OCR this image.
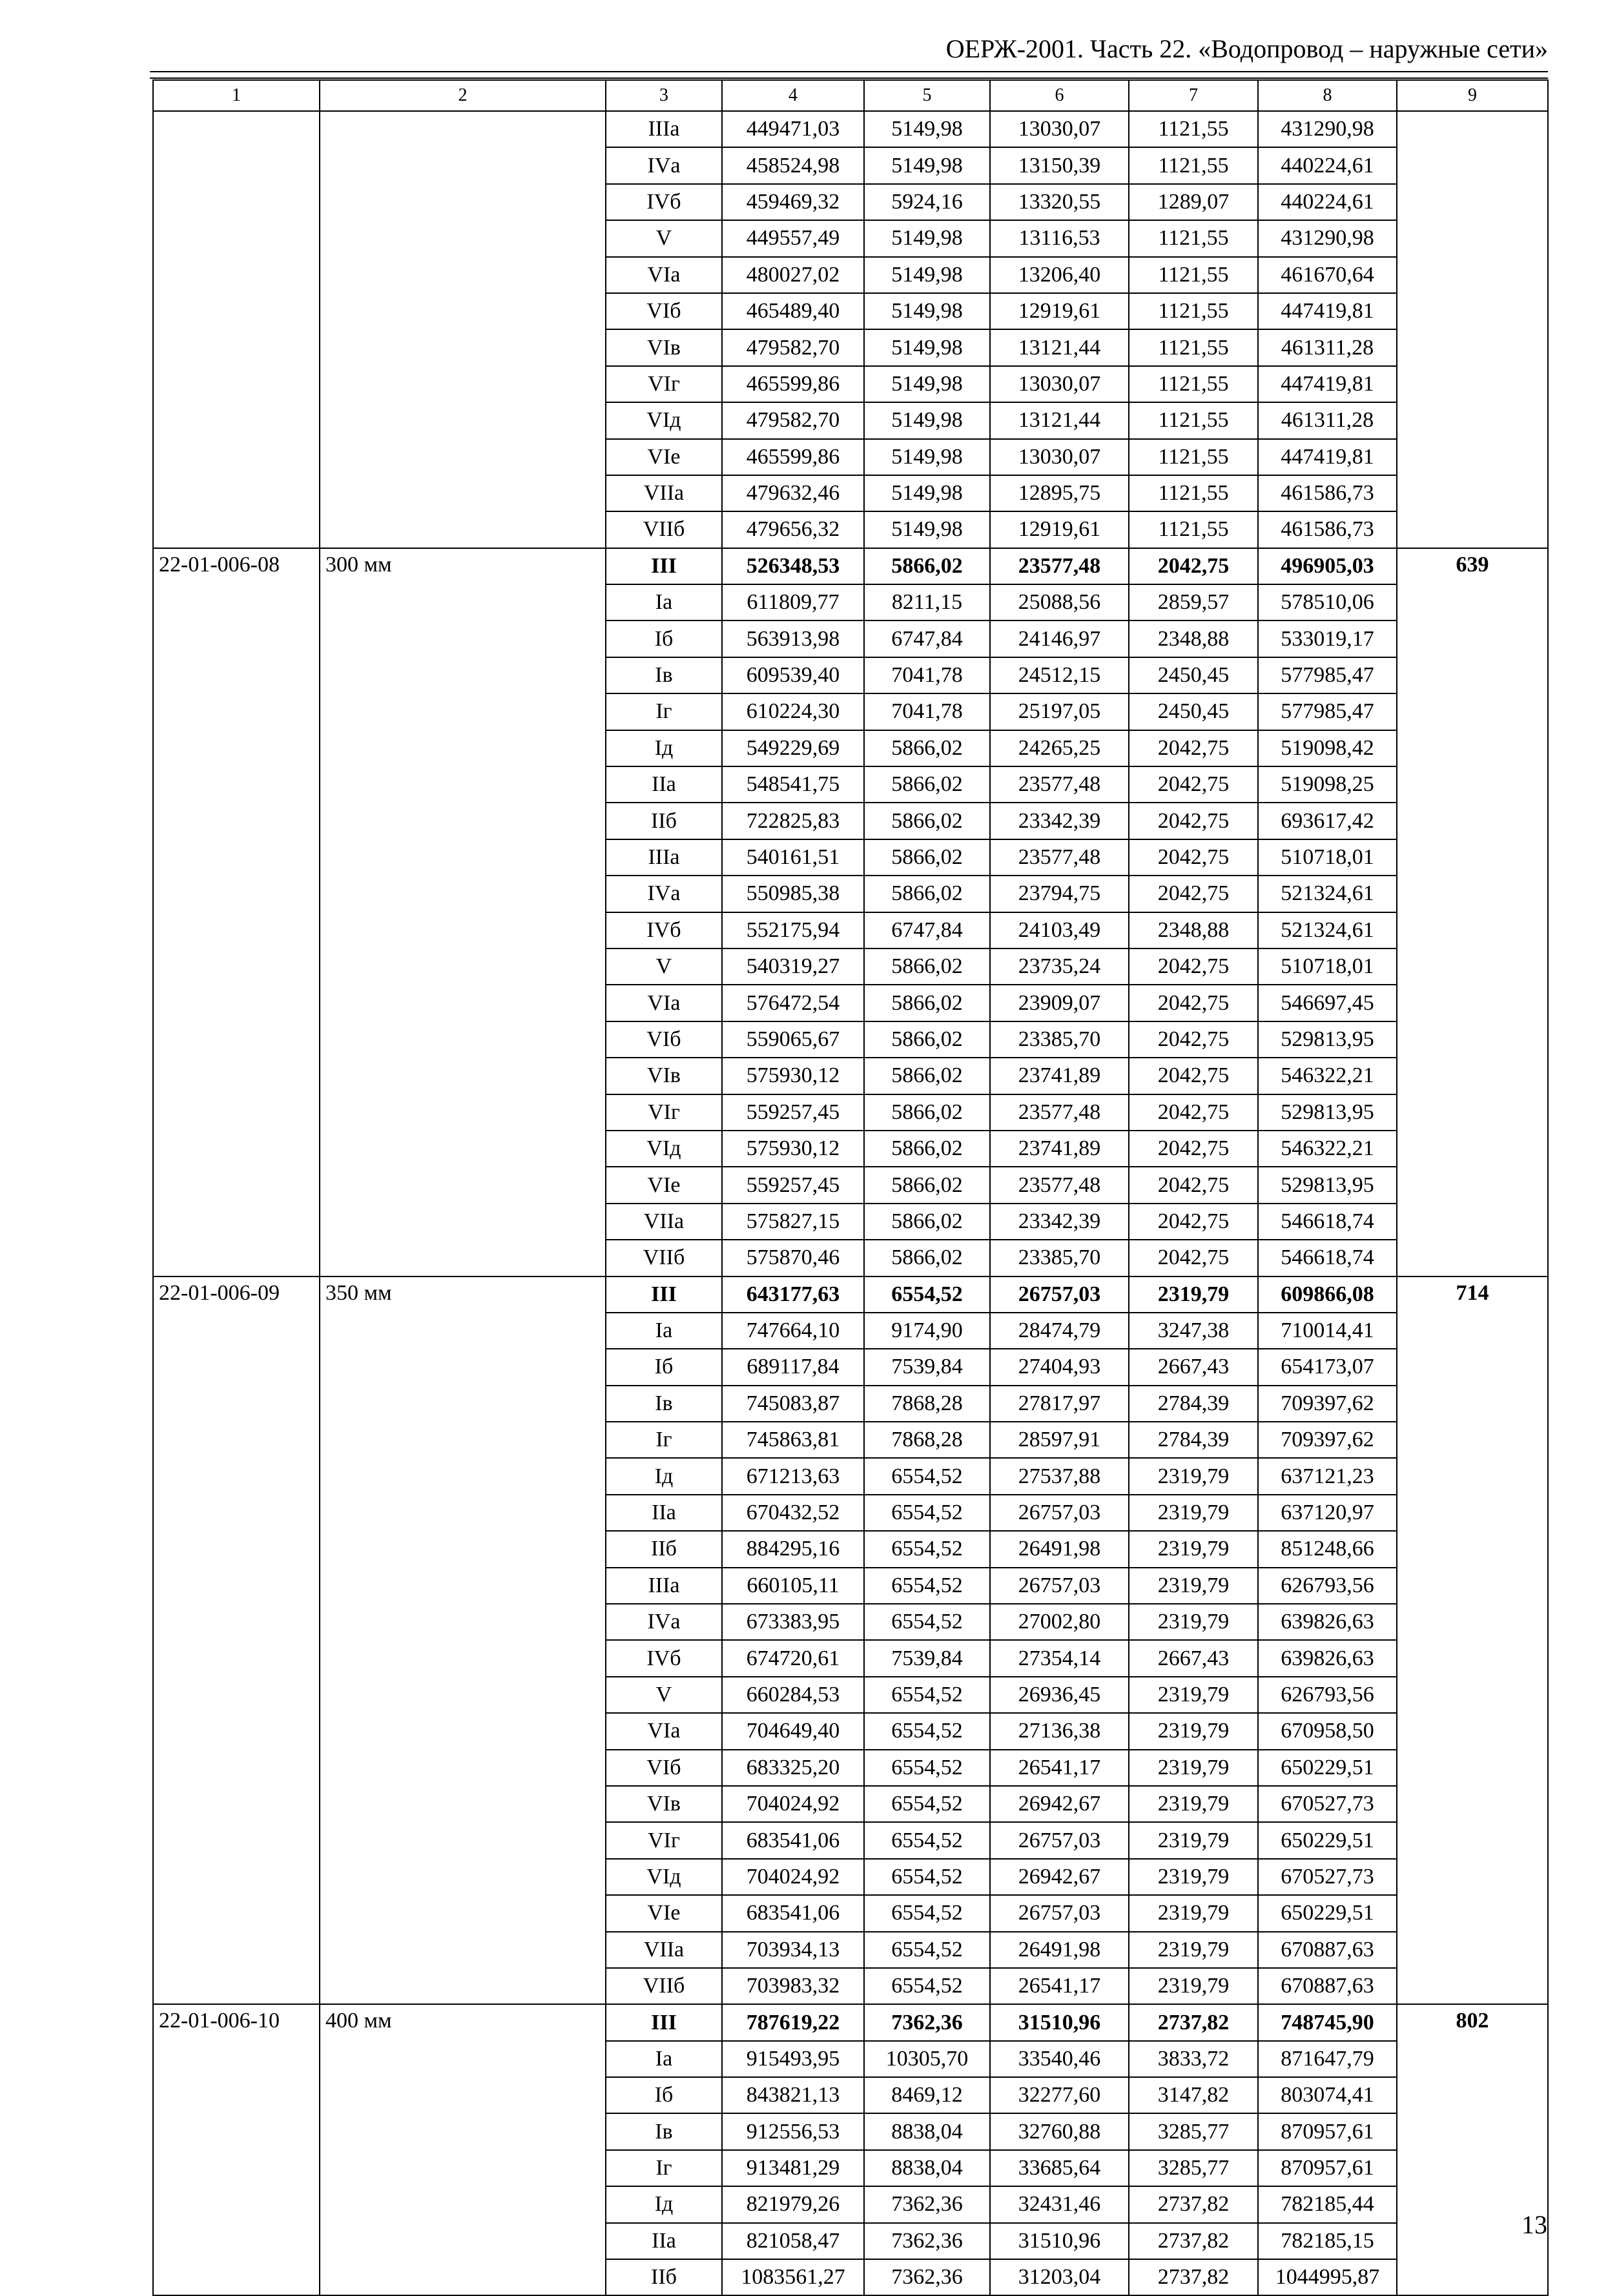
ОЕРЖ-2001. Часть 22. «Водопровод – наружные сети»
1	2	3	4	5	6	7	8	9
		IIIа	449471,03	5149,98	13030,07	1121,55	431290,98	
		IVа	458524,98	5149,98	13150,39	1121,55	440224,61	
		IVб	459469,32	5924,16	13320,55	1289,07	440224,61	
		V	449557,49	5149,98	13116,53	1121,55	431290,98	
		VIа	480027,02	5149,98	13206,40	1121,55	461670,64	
		VIб	465489,40	5149,98	12919,61	1121,55	447419,81	
		VIв	479582,70	5149,98	13121,44	1121,55	461311,28	
		VIг	465599,86	5149,98	13030,07	1121,55	447419,81	
		VIд	479582,70	5149,98	13121,44	1121,55	461311,28	
		VIе	465599,86	5149,98	13030,07	1121,55	447419,81	
		VIIа	479632,46	5149,98	12895,75	1121,55	461586,73	
		VIIб	479656,32	5149,98	12919,61	1121,55	461586,73	
22-01-006-08	300 мм	III	526348,53	5866,02	23577,48	2042,75	496905,03	639
		Iа	611809,77	8211,15	25088,56	2859,57	578510,06	
		Iб	563913,98	6747,84	24146,97	2348,88	533019,17	
		Iв	609539,40	7041,78	24512,15	2450,45	577985,47	
		Iг	610224,30	7041,78	25197,05	2450,45	577985,47	
		Iд	549229,69	5866,02	24265,25	2042,75	519098,42	
		IIа	548541,75	5866,02	23577,48	2042,75	519098,25	
		IIб	722825,83	5866,02	23342,39	2042,75	693617,42	
		IIIа	540161,51	5866,02	23577,48	2042,75	510718,01	
		IVа	550985,38	5866,02	23794,75	2042,75	521324,61	
		IVб	552175,94	6747,84	24103,49	2348,88	521324,61	
		V	540319,27	5866,02	23735,24	2042,75	510718,01	
		VIа	576472,54	5866,02	23909,07	2042,75	546697,45	
		VIб	559065,67	5866,02	23385,70	2042,75	529813,95	
		VIв	575930,12	5866,02	23741,89	2042,75	546322,21	
		VIг	559257,45	5866,02	23577,48	2042,75	529813,95	
		VIд	575930,12	5866,02	23741,89	2042,75	546322,21	
		VIе	559257,45	5866,02	23577,48	2042,75	529813,95	
		VIIа	575827,15	5866,02	23342,39	2042,75	546618,74	
		VIIб	575870,46	5866,02	23385,70	2042,75	546618,74	
22-01-006-09	350 мм	III	643177,63	6554,52	26757,03	2319,79	609866,08	714
		Iа	747664,10	9174,90	28474,79	3247,38	710014,41	
		Iб	689117,84	7539,84	27404,93	2667,43	654173,07	
		Iв	745083,87	7868,28	27817,97	2784,39	709397,62	
		Iг	745863,81	7868,28	28597,91	2784,39	709397,62	
		Iд	671213,63	6554,52	27537,88	2319,79	637121,23	
		IIа	670432,52	6554,52	26757,03	2319,79	637120,97	
		IIб	884295,16	6554,52	26491,98	2319,79	851248,66	
		IIIа	660105,11	6554,52	26757,03	2319,79	626793,56	
		IVа	673383,95	6554,52	27002,80	2319,79	639826,63	
		IVб	674720,61	7539,84	27354,14	2667,43	639826,63	
		V	660284,53	6554,52	26936,45	2319,79	626793,56	
		VIа	704649,40	6554,52	27136,38	2319,79	670958,50	
		VIб	683325,20	6554,52	26541,17	2319,79	650229,51	
		VIв	704024,92	6554,52	26942,67	2319,79	670527,73	
		VIг	683541,06	6554,52	26757,03	2319,79	650229,51	
		VIд	704024,92	6554,52	26942,67	2319,79	670527,73	
		VIе	683541,06	6554,52	26757,03	2319,79	650229,51	
		VIIа	703934,13	6554,52	26491,98	2319,79	670887,63	
		VIIб	703983,32	6554,52	26541,17	2319,79	670887,63	
22-01-006-10	400 мм	III	787619,22	7362,36	31510,96	2737,82	748745,90	802
		Iа	915493,95	10305,70	33540,46	3833,72	871647,79	
		Iб	843821,13	8469,12	32277,60	3147,82	803074,41	
		Iв	912556,53	8838,04	32760,88	3285,77	870957,61	
		Iг	913481,29	8838,04	33685,64	3285,77	870957,61	
		Iд	821979,26	7362,36	32431,46	2737,82	782185,44	
		IIа	821058,47	7362,36	31510,96	2737,82	782185,15	
		IIб	1083561,27	7362,36	31203,04	2737,82	1044995,87	
13
